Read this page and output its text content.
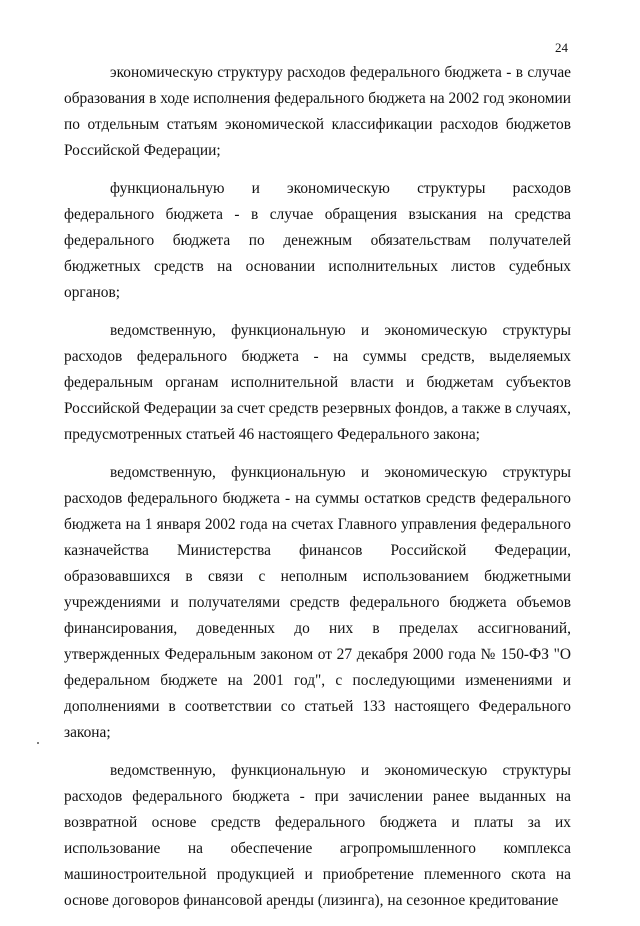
24

экономическую структуру расходов федерального бюджета - в случае образования в ходе исполнения федерального бюджета на 2002 год экономии по отдельным статьям экономической классификации расходов бюджетов Российской Федерации;

функциональную и экономическую структуры расходов федерального бюджета - в случае обращения взыскания на средства федерального бюджета по денежным обязательствам получателей бюджетных средств на основании исполнительных листов судебных органов;

ведомственную, функциональную и экономическую структуры расходов федерального бюджета - на суммы средств, выделяемых федеральным органам исполнительной власти и бюджетам субъектов Российской Федерации за счет средств резервных фондов, а также в случаях, предусмотренных статьей 46 настоящего Федерального закона;

ведомственную, функциональную и экономическую структуры расходов федерального бюджета - на суммы остатков средств федерального бюджета на 1 января 2002 года на счетах Главного управления федерального казначейства Министерства финансов Российской Федерации, образовавшихся в связи с неполным использованием бюджетными учреждениями и получателями средств федерального бюджета объемов финансирования, доведенных до них в пределах ассигнований, утвержденных Федеральным законом от 27 декабря 2000 года № 150-ФЗ "О федеральном бюджете на 2001 год", с последующими изменениями и дополнениями в соответствии со статьей 133 настоящего Федерального закона;

ведомственную, функциональную и экономическую структуры расходов федерального бюджета - при зачислении ранее выданных на возвратной основе средств федерального бюджета и платы за их использование на обеспечение агропромышленного комплекса машиностроительной продукцией и приобретение племенного скота на основе договоров финансовой аренды (лизинга), на сезонное кредитование
